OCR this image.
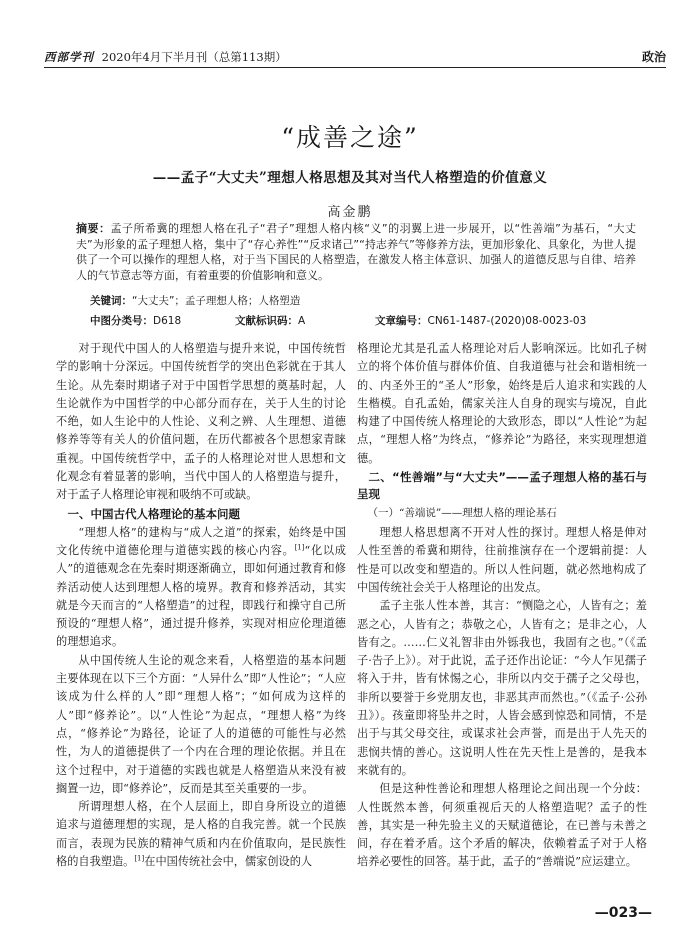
西部学刊 2020年4月下半月刊（总第113期）	政治
“成善之途”
——孟子“大丈夫”理想人格思想及其对当代人格塑造的价值意义
高金鹏
摘要：孟子所希冀的理想人格在孔子“君子”理想人格内核“义”的羽翼上进一步展开，以“性善端”为基石，“大丈夫”为形象的孟子理想人格，集中了“存心养性”“反求诸己”“持志养气”等修养方法，更加形象化、具象化，为世人提供了一个可以操作的理想人格，对于当下国民的人格塑造，在激发人格主体意识、加强人的道德反思与自律、培养人的气节意志等方面，有着重要的价值影响和意义。
关键词：“大丈夫”；孟子理想人格；人格塑造
中图分类号：D618	文献标识码：A	文章编号：CN61-1487-(2020)08-0023-03

对于现代中国人的人格塑造与提升来说，中国传统哲学的影响十分深远。中国传统哲学的突出色彩就在于其人生论。从先秦时期诸子对于中国哲学思想的奠基时起，人生论就作为中国哲学的中心部分而存在，关于人生的讨论不绝，如人生论中的人性论、义利之辨、人生理想、道德修养等等有关人的价值问题，在历代都被各个思想家青睐重视。中国传统哲学中，孟子的人格理论对世人思想和文化观念有着显著的影响，当代中国人的人格塑造与提升，对于孟子人格理论审视和吸纳不可或缺。

一、中国古代人格理论的基本问题

“理想人格”的建构与“成人之道”的探索，始终是中国文化传统中道德伦理与道德实践的核心内容。[1]“化以成人”的道德观念在先秦时期逐渐确立，即如何通过教育和修养活动使人达到理想人格的境界。教育和修养活动，其实就是今天而言的“人格塑造”的过程，即践行和操守自己所预设的“理想人格”，通过提升修养，实现对相应伦理道德的理想追求。

从中国传统人生论的观念来看，人格塑造的基本问题主要体现在以下三个方面：“人异什么”即“人性论”；“人应该成为什么样的人”即“理想人格”；“如何成为这样的人”即“修养论”。以“人性论”为起点，“理想人格”为终点，“修养论”为路径，论证了人的道德的可能性与必然性，为人的道德提供了一个内在合理的理论依据。并且在这个过程中，对于道德的实践也就是人格塑造从来没有被搁置一边，即“修养论”，反而是其至关重要的一步。

所谓理想人格，在个人层面上，即自身所设立的道德追求与道德理想的实现，是人格的自我完善。就一个民族而言，表现为民族的精神气质和内在价值取向，是民族性格的自我塑造。[1]在中国传统社会中，儒家创设的人

格理论尤其是孔孟人格理论对后人影响深远。比如孔子树立的将个体价值与群体价值、自我道德与社会和谐相统一的、内圣外王的“圣人”形象，始终是后人追求和实践的人生楷模。自孔孟始，儒家关注人自身的现实与境况，自此构建了中国传统人格理论的大致形态，即以“人性论”为起点，“理想人格”为终点，“修养论”为路径，来实现理想道德。

二、“性善端”与“大丈夫”——孟子理想人格的基石与呈现
（一）“善端说”——理想人格的理论基石

理想人格思想离不开对人性的探讨。理想人格是伸对人性至善的希冀和期待，往前推演存在一个逻辑前提：人性是可以改变和塑造的。所以人性问题，就必然地构成了中国传统社会关于人格理论的出发点。

孟子主张人性本善，其言：“恻隐之心，人皆有之；羞恶之心，人皆有之；恭敬之心，人皆有之；是非之心，人皆有之。……仁义礼智非由外铄我也，我固有之也。”（《孟子·告子上》）。对于此说，孟子还作出论证：“今人乍见孺子将入于井，皆有怵惕之心，非所以内交于孺子之父母也，非所以要誉于乡党朋友也，非恶其声而然也。”（《孟子·公孙丑》）。孩童即将坠井之时，人皆会感到惊恐和同情，不是出于与其父母交往，或谋求社会声誉，而是出于人先天的悲悯共情的善心。这说明人性在先天性上是善的，是我本来就有的。

但是这种性善论和理想人格理论之间出现一个分歧：人性既然本善，何须重视后天的人格塑造呢？孟子的性善，其实是一种先验主义的天赋道德论，在已善与未善之间，存在着矛盾。这个矛盾的解决，依赖着孟子对于人格培养必要性的回答。基于此，孟子的“善端说”应运建立。

—023—
